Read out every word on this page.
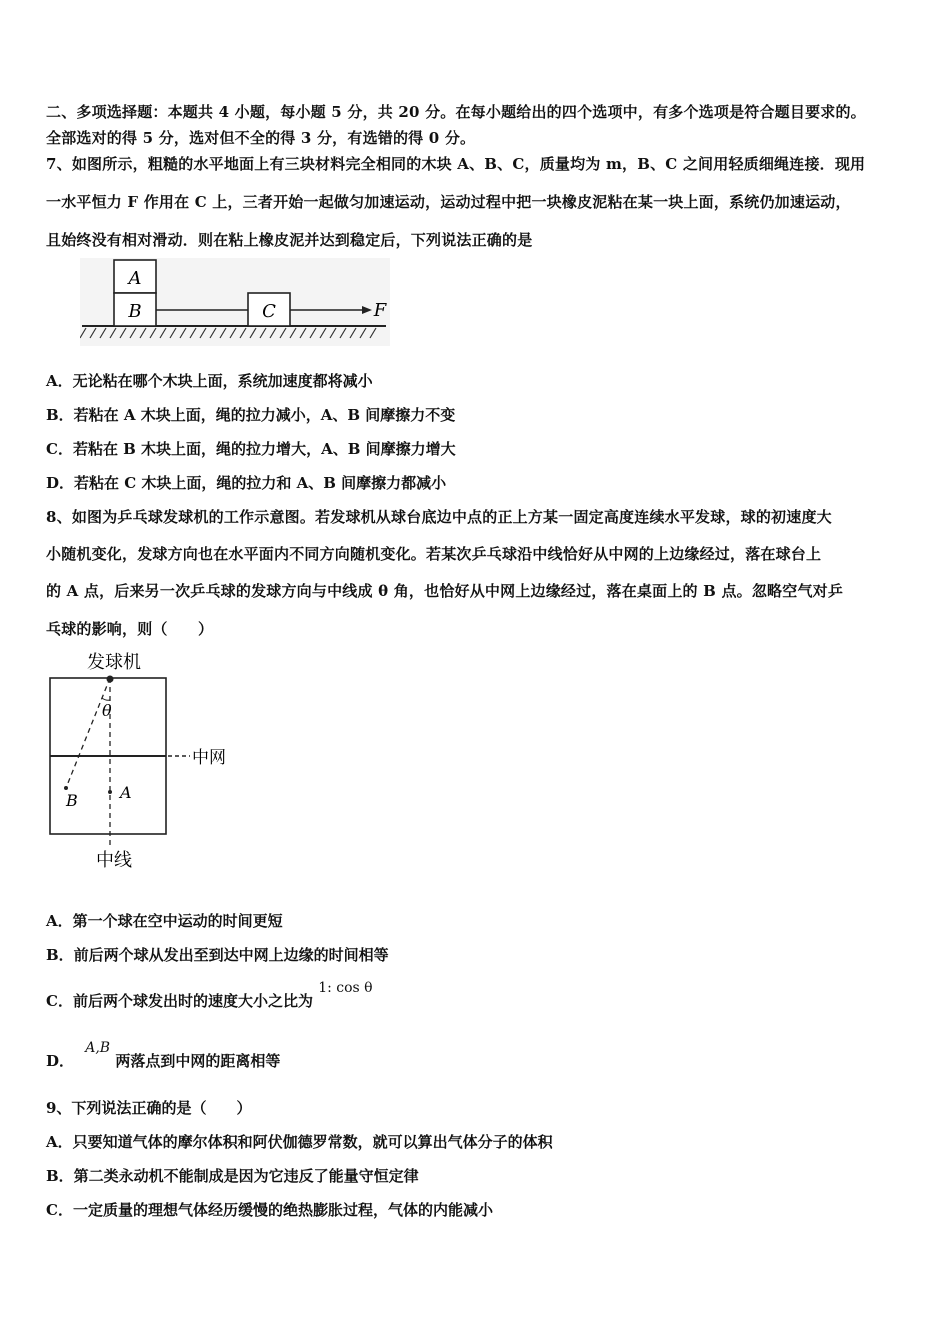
二、多项选择题：本题共 4 小题，每小题 5 分，共 20 分。在每小题给出的四个选项中，有多个选项是符合题目要求的。
全部选对的得 5 分，选对但不全的得 3 分，有选错的得 0 分。
7、如图所示，粗糙的水平地面上有三块材料完全相同的木块 A、B、C，质量均为 m，B、C 之间用轻质细绳连接．现用
一水平恒力 F 作用在 C 上，三者开始一起做匀加速运动，运动过程中把一块橡皮泥粘在某一块上面，系统仍加速运动，
且始终没有相对滑动．则在粘上橡皮泥并达到稳定后，下列说法正确的是
A
B	C	F
A．无论粘在哪个木块上面，系统加速度都将减小
B．若粘在 A 木块上面，绳的拉力减小，A、B 间摩擦力不变
C．若粘在 B 木块上面，绳的拉力增大，A、B 间摩擦力增大
D．若粘在 C 木块上面，绳的拉力和 A、B 间摩擦力都减小
8、如图为乒乓球发球机的工作示意图。若发球机从球台底边中点的正上方某一固定高度连续水平发球，球的初速度大
小随机变化，发球方向也在水平面内不同方向随机变化。若某次乒乓球沿中线恰好从中网的上边缘经过，落在球台上
的 A 点，后来另一次乒乓球的发球方向与中线成 θ 角，也恰好从中网上边缘经过，落在桌面上的 B 点。忽略空气对乒
乓球的影响，则（　　）
发球机
中网
θ
A
B
中线
A．第一个球在空中运动的时间更短
B．前后两个球从发出至到达中网上边缘的时间相等
C．前后两个球发出时的速度大小之比为 1: cos θ
D． A,B 两落点到中网的距离相等
9、下列说法正确的是（　　）
A．只要知道气体的摩尔体积和阿伏伽德罗常数，就可以算出气体分子的体积
B．第二类永动机不能制成是因为它违反了能量守恒定律
C．一定质量的理想气体经历缓慢的绝热膨胀过程，气体的内能减小
